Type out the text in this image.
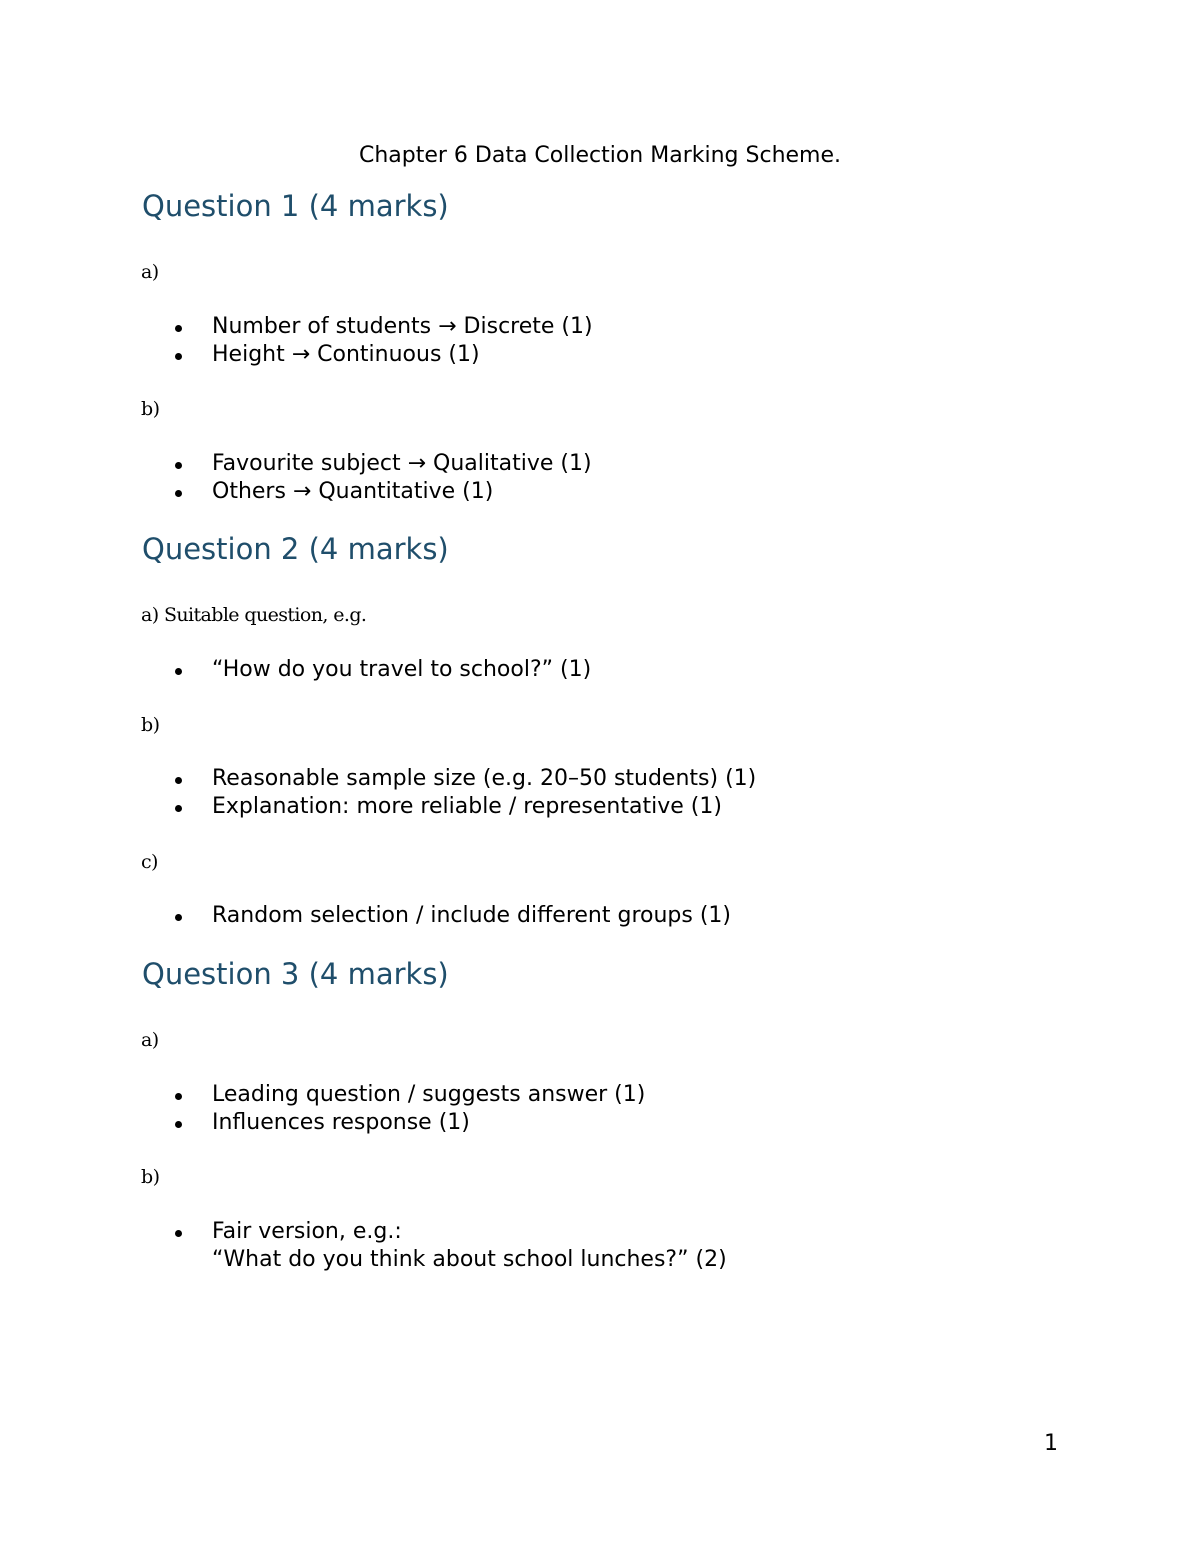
Chapter 6 Data Collection Marking Scheme.
Question 1 (4 marks)
a)
Number of students → Discrete (1)
Height → Continuous (1)
b)
Favourite subject → Qualitative (1)
Others → Quantitative (1)
Question 2 (4 marks)
a) Suitable question, e.g.
“How do you travel to school?” (1)
b)
Reasonable sample size (e.g. 20–50 students) (1)
Explanation: more reliable / representative (1)
c)
Random selection / include different groups (1)
Question 3 (4 marks)
a)
Leading question / suggests answer (1)
Influences response (1)
b)
Fair version, e.g.:
“What do you think about school lunches?” (2)
1
